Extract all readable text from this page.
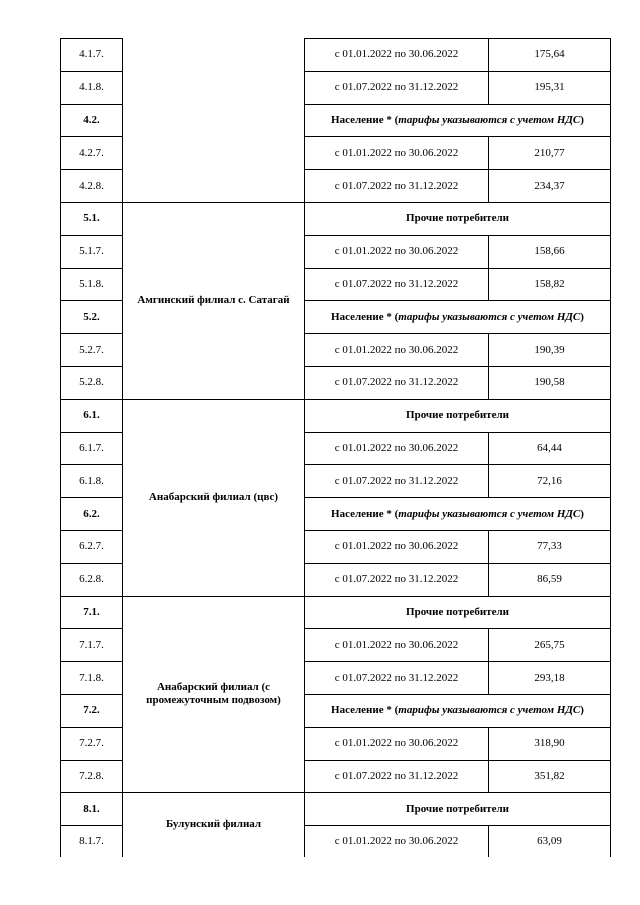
4.1.7.		с 01.01.2022 по 30.06.2022	175,64
4.1.8.		с 01.07.2022 по 31.12.2022	195,31
4.2.		Население * (тарифы указываются с учетом НДС)	
4.2.7.		с 01.01.2022 по 30.06.2022	210,77
4.2.8.		с 01.07.2022 по 31.12.2022	234,37
5.1.	Амгинский филиал с. Сатагай	Прочие потребители	
5.1.7.		с 01.01.2022 по 30.06.2022	158,66
5.1.8.		с 01.07.2022 по 31.12.2022	158,82
5.2.		Население * (тарифы указываются с учетом НДС)	
5.2.7.		с 01.01.2022 по 30.06.2022	190,39
5.2.8.		с 01.07.2022 по 31.12.2022	190,58
6.1.	Анабарский филиал (цвс)	Прочие потребители	
6.1.7.		с 01.01.2022 по 30.06.2022	64,44
6.1.8.		с 01.07.2022 по 31.12.2022	72,16
6.2.		Население * (тарифы указываются с учетом НДС)	
6.2.7.		с 01.01.2022 по 30.06.2022	77,33
6.2.8.		с 01.07.2022 по 31.12.2022	86,59
7.1.	Анабарский филиал (с промежуточным подвозом)	Прочие потребители	
7.1.7.		с 01.01.2022 по 30.06.2022	265,75
7.1.8.		с 01.07.2022 по 31.12.2022	293,18
7.2.		Население * (тарифы указываются с учетом НДС)	
7.2.7.		с 01.01.2022 по 30.06.2022	318,90
7.2.8.		с 01.07.2022 по 31.12.2022	351,82
8.1.	Булунский филиал	Прочие потребители	
8.1.7.		с 01.01.2022 по 30.06.2022	63,09
